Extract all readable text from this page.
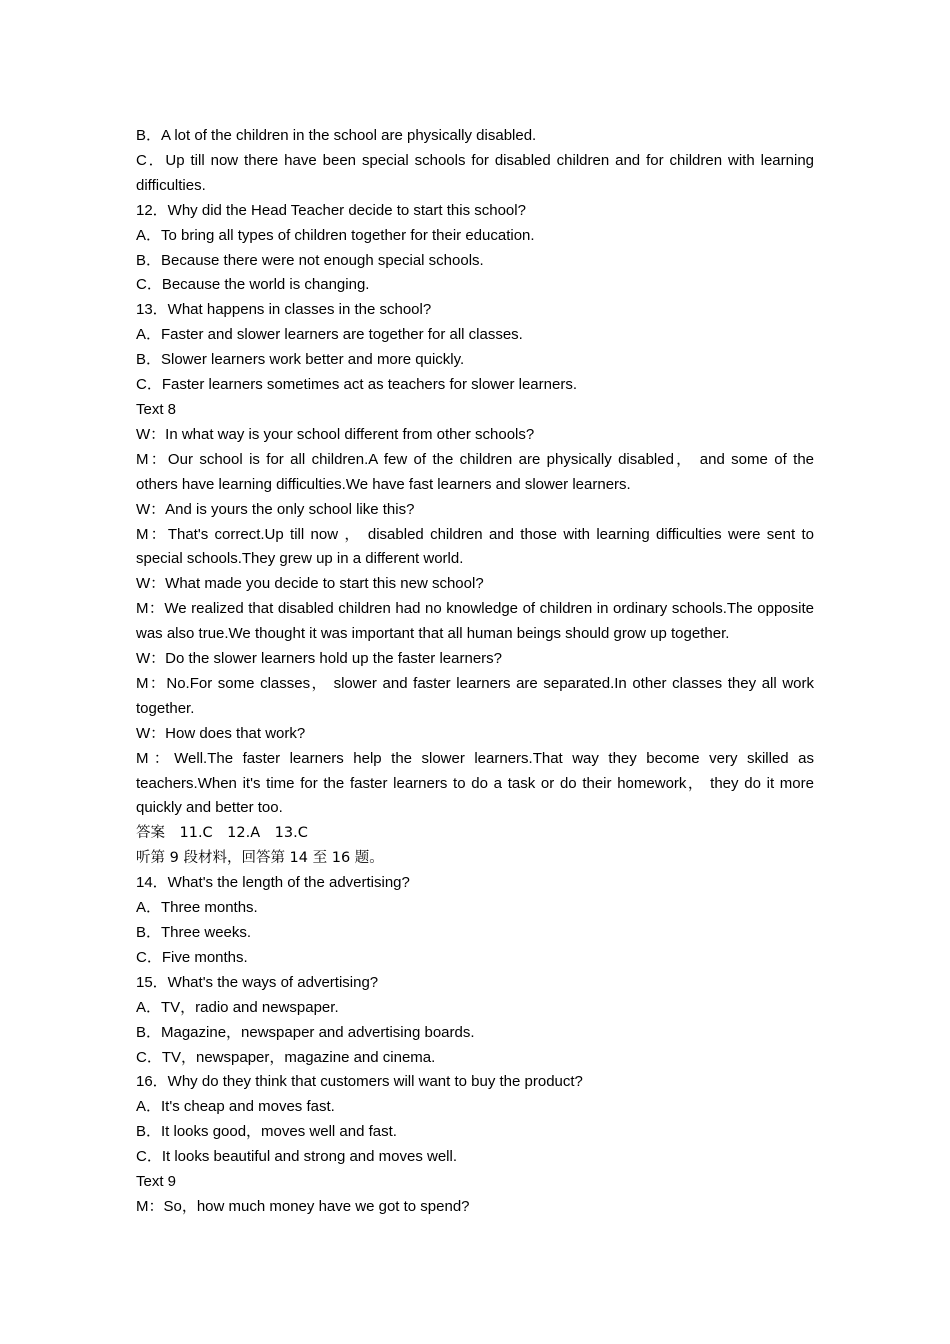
B．A lot of the children in the school are physically disabled.
C．Up till now there have been special schools for disabled children and for children with learning difficulties.
12．Why did the Head Teacher decide to start this school?
A．To bring all types of children together for their education.
B．Because there were not enough special schools.
C．Because the world is changing.
13．What happens in classes in the school?
A．Faster and slower learners are together for all classes.
B．Slower learners work better and more quickly.
C．Faster learners sometimes act as teachers for slower learners.
Text 8
W：In what way is your school different from other schools?
M：Our school is for all children.A few of the children are physically disabled， and some of the others have learning difficulties.We have fast learners and slower learners.
W：And is yours the only school like this?
M：That's correct.Up till now ， disabled children and those with learning difficulties were sent to special schools.They grew up in a different world.
W：What made you decide to start this new school?
M：We realized that disabled children had no knowledge of children in ordinary schools.The opposite was also true.We thought it was important that all human beings should grow up together.
W：Do the slower learners hold up the faster learners?
M：No.For some classes， slower and faster learners are separated.In other classes they all work together.
W：How does that work?
M：Well.The faster learners help the slower learners.That way they become very skilled as teachers.When it's time for the faster learners to do a task or do their homework， they do it more quickly and better too.
答案　11.C　12.A　13.C
听第 9 段材料，回答第 14 至 16 题。
14．What's the length of the advertising?
A．Three months.
B．Three weeks.
C．Five months.
15．What's the ways of advertising?
A．TV，radio and newspaper.
B．Magazine，newspaper and advertising boards.
C．TV，newspaper，magazine and cinema.
16．Why do they think that customers will want to buy the product?
A．It's cheap and moves fast.
B．It looks good，moves well and fast.
C．It looks beautiful and strong and moves well.
Text 9
M：So，how much money have we got to spend?
